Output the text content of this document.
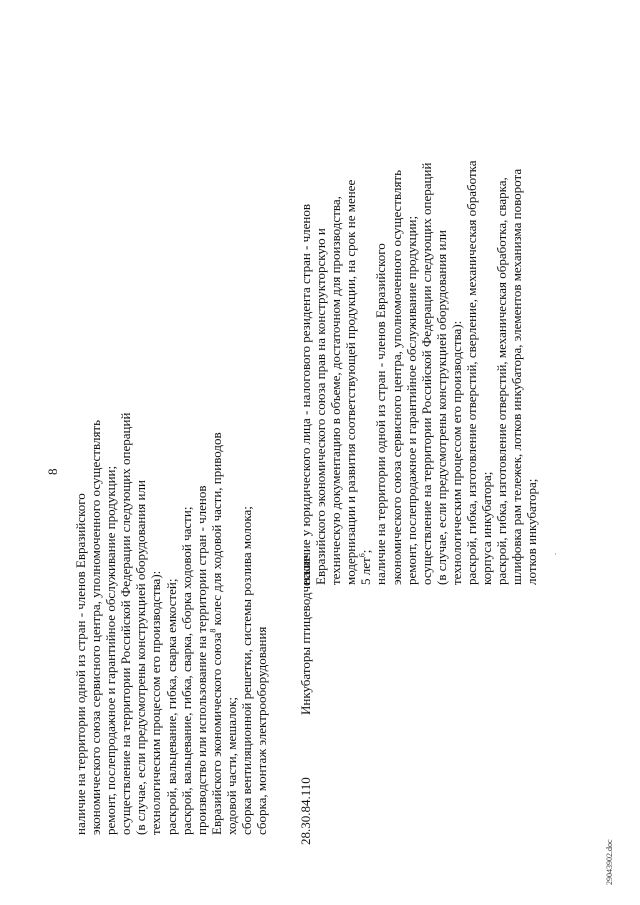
8
наличие на территории одной из стран - членов Евразийского экономического союза сервисного центра, уполномоченного осуществлять ремонт, послепродажное и гарантийное обслуживание продукции; осуществление на территории Российской Федерации следующих операций (в случае, если предусмотрены конструкцией оборудования или технологическим процессом его производства): раскрой, вальцевание, гибка, сварка емкостей; раскрой, вальцевание, гибка, сварка, сборка ходовой части; производство или использование на территории стран - членов Евразийского экономического союза$^8$ колес для ходовой части, приводов
ходовой части, мешалок; сборка вентиляционной решетки, системы розлива молока; сборка, монтаж электрооборудования 28.30.84.110
Инкубаторы птицеводческие
наличие у юридического лица - налогового резидента стран - членов Евразийского экономического союза прав на конструкторскую и техническую документацию в объеме, достаточном для производства, модернизации и развития соответствующей продукции, на срок не менее 5 лет$^6$; наличие на территории одной из стран - членов Евразийского экономического союза сервисного центра, уполномоченного осуществлять ремонт, послепродажное и гарантийное обслуживание продукции; осуществление на территории Российской Федерации следующих операций (в случае, если предусмотрены конструкцией оборудования или технологическим процессом его производства): раскрой, гибка, изготовление отверстий, сверление, механическая обработка корпуса инкубатора; раскрой, гибка, изготовление отверстий, механическая обработка, сварка, шлифовка рам тележек, лотков инкубатора, элементов механизма поворота лотков инкубатора;
29043902.doc
